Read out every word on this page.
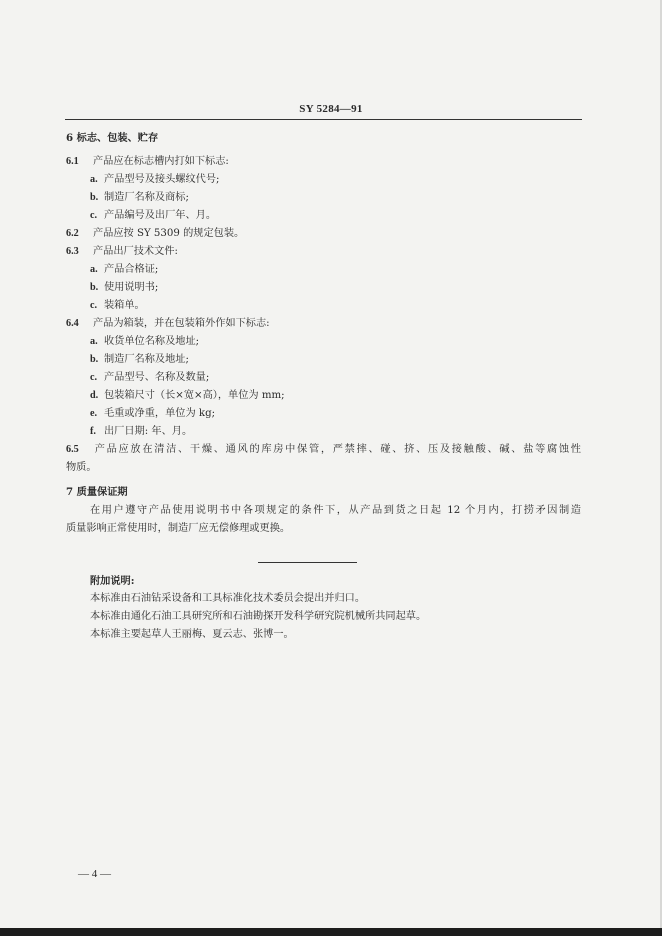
SY 5284—91
6 标志、包装、贮存
6.1 产品应在标志槽内打如下标志:
a. 产品型号及接头螺纹代号;
b. 制造厂名称及商标;
c. 产品编号及出厂年、月。
6.2 产品应按 SY 5309 的规定包装。
6.3 产品出厂技术文件:
a. 产品合格证;
b. 使用说明书;
c. 装箱单。
6.4 产品为箱装，并在包装箱外作如下标志:
a. 收货单位名称及地址;
b. 制造厂名称及地址;
c. 产品型号、名称及数量;
d. 包装箱尺寸（长×宽×高），单位为 mm;
e. 毛重或净重，单位为 kg;
f. 出厂日期: 年、月。
6.5 产品应放在清洁、干燥、通风的库房中保管，严禁摔、碰、挤、压及接触酸、碱、盐等腐蚀性
物质。
7 质量保证期
在用户遵守产品使用说明书中各项规定的条件下，从产品到货之日起 12 个月内，打捞矛因制造
质量影响正常使用时，制造厂应无偿修理或更换。
附加说明:
本标准由石油钻采设备和工具标准化技术委员会提出并归口。
本标准由通化石油工具研究所和石油勘探开发科学研究院机械所共同起草。
本标准主要起草人王丽梅、夏云志、张博一。
— 4 —
